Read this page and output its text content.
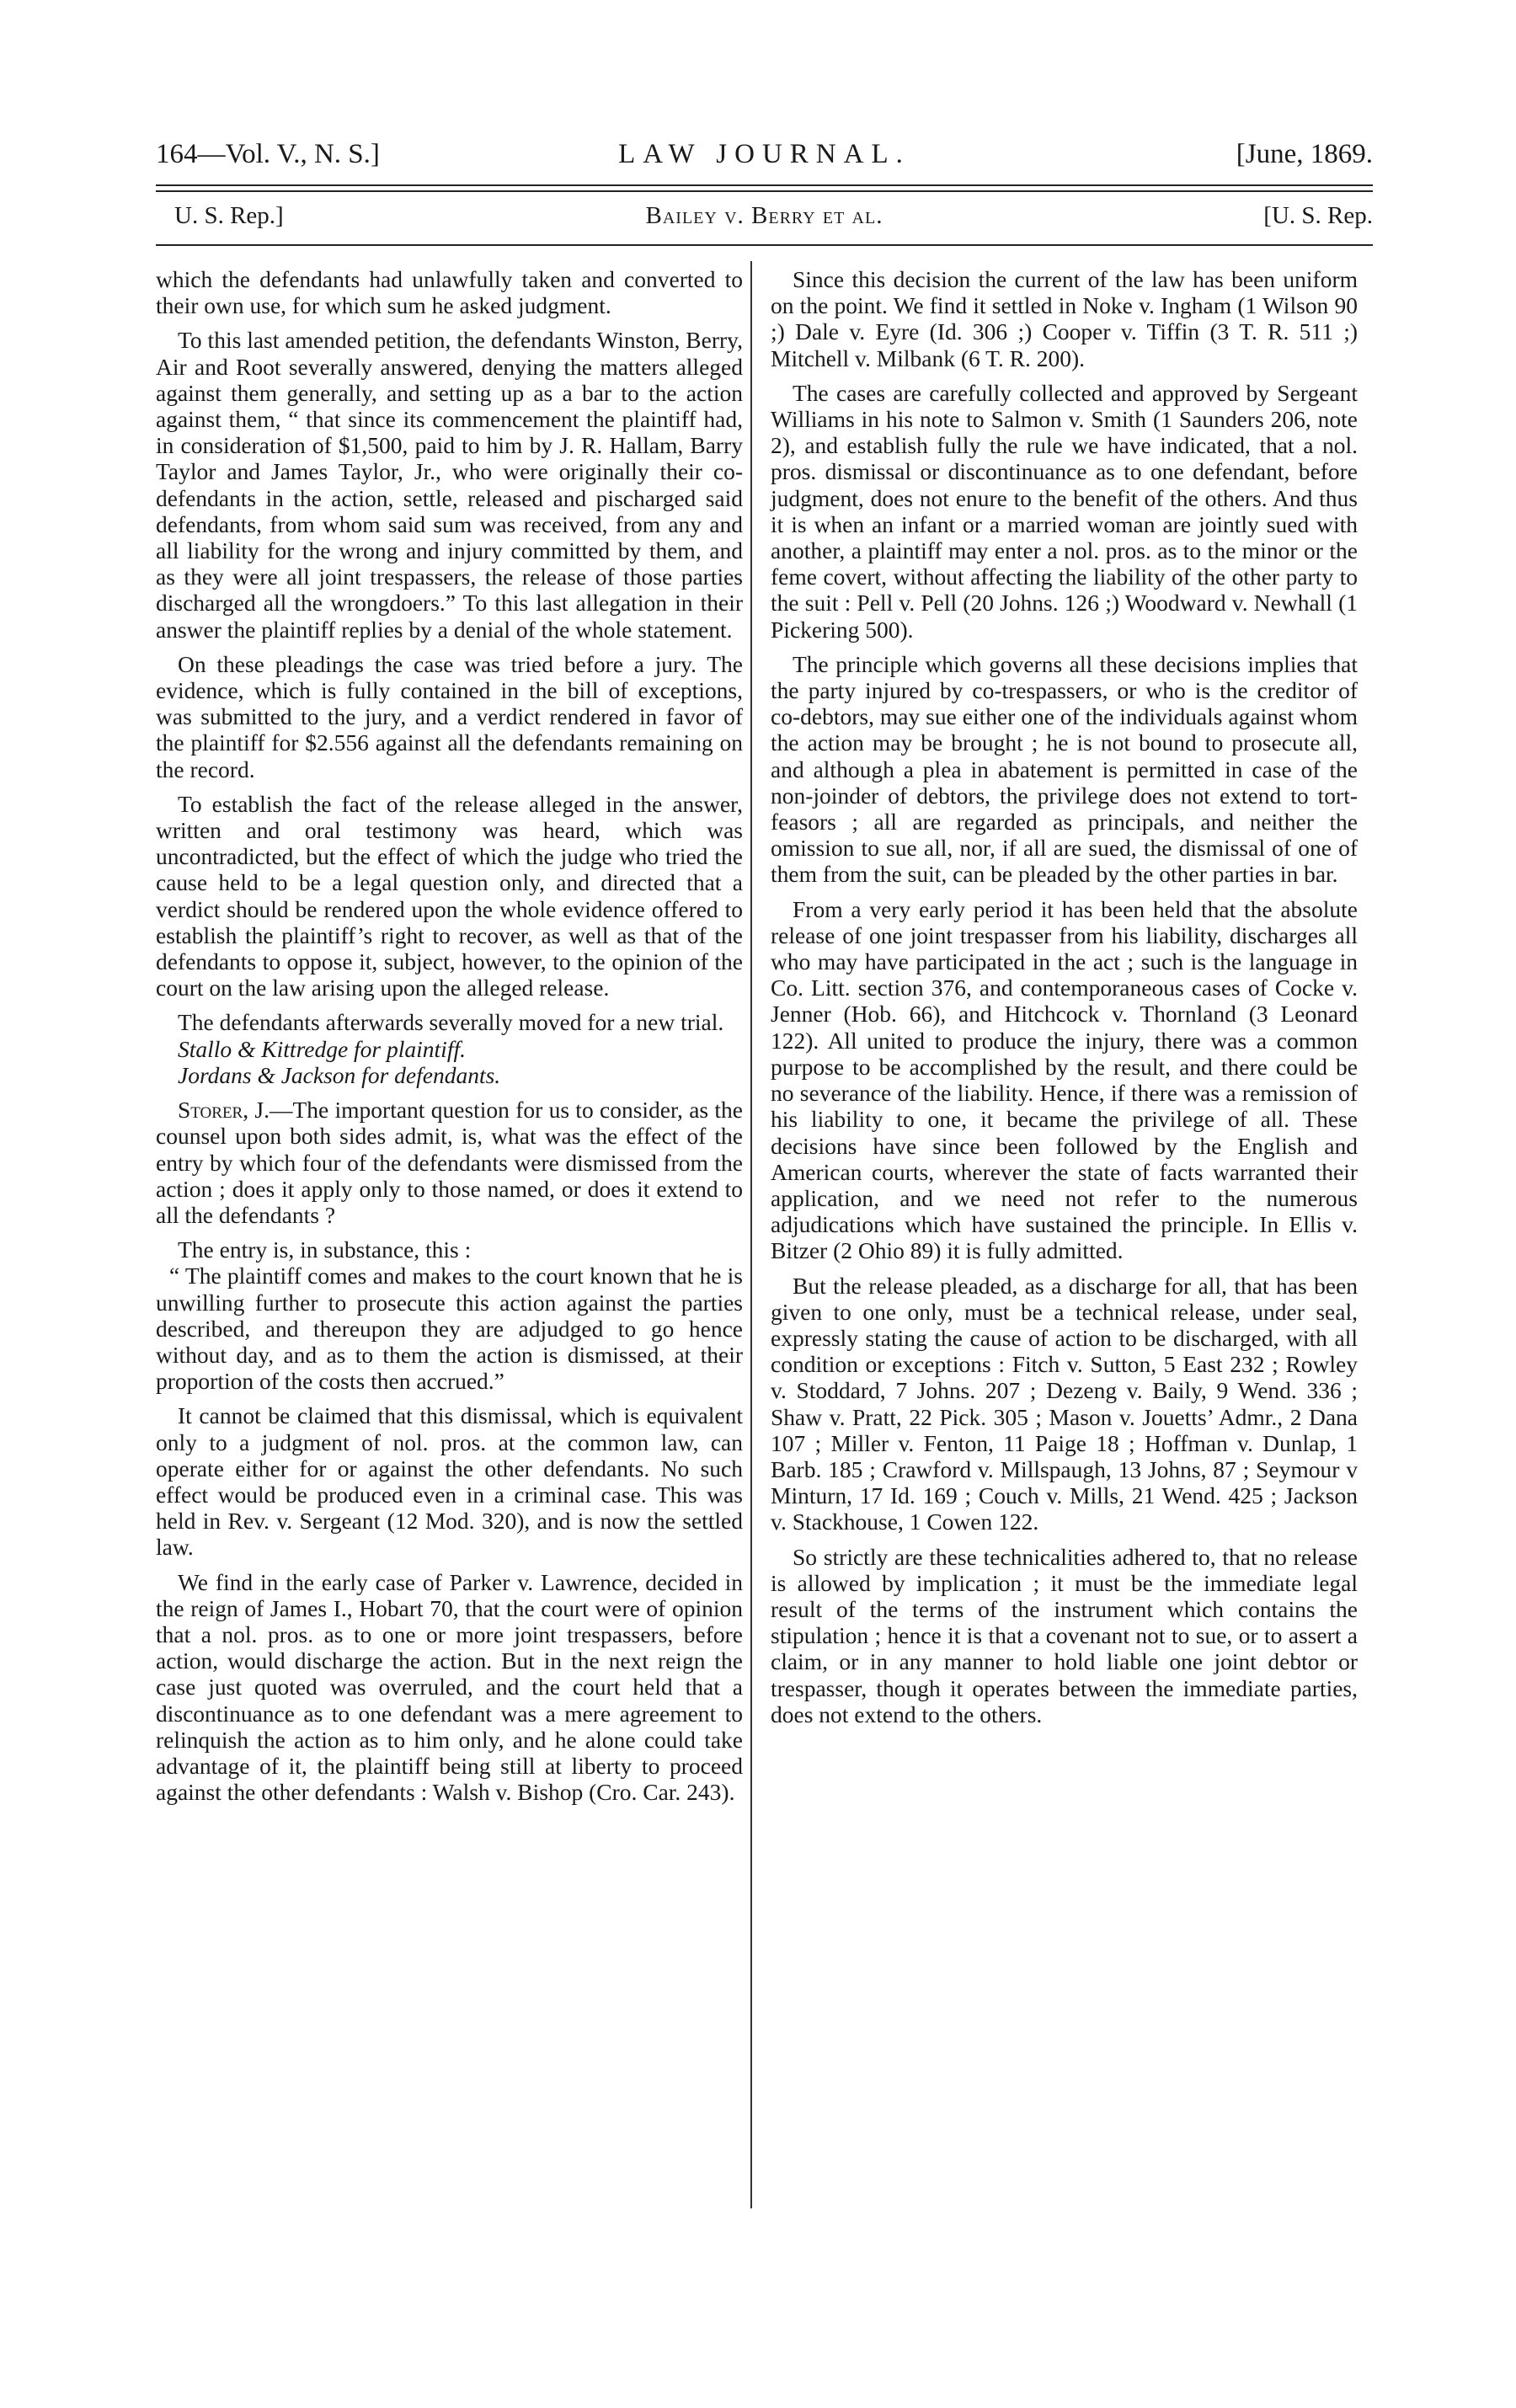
164—Vol. V., N. S.]	LAW JOURNAL.	[June, 1869.
U. S. Rep.]	Bailey v. Berry et al.	[U. S. Rep.

which the defendants had unlawfully taken and converted to their own use, for which sum he asked judgment.

To this last amended petition, the defendants Winston, Berry, Air and Root severally answered, denying the matters alleged against them generally, and setting up as a bar to the action against them, “ that since its commencement the plaintiff had, in consideration of $1,500, paid to him by J. R. Hallam, Barry Taylor and James Taylor, Jr., who were originally their co-defendants in the action, settle, released and pischarged said defendants, from whom said sum was received, from any and all liability for the wrong and injury committed by them, and as they were all joint trespassers, the release of those parties discharged all the wrongdoers.” To this last allegation in their answer the plaintiff replies by a denial of the whole statement.

On these pleadings the case was tried before a jury. The evidence, which is fully contained in the bill of exceptions, was submitted to the jury, and a verdict rendered in favor of the plaintiff for $2.556 against all the defendants remaining on the record.

To establish the fact of the release alleged in the answer, written and oral testimony was heard, which was uncontradicted, but the effect of which the judge who tried the cause held to be a legal question only, and directed that a verdict should be rendered upon the whole evidence offered to establish the plaintiff’s right to recover, as well as that of the defendants to oppose it, subject, however, to the opinion of the court on the law arising upon the alleged release.

The defendants afterwards severally moved for a new trial.

Stallo & Kittredge for plaintiff.

Jordans & Jackson for defendants.

Storer, J.—The important question for us to consider, as the counsel upon both sides admit, is, what was the effect of the entry by which four of the defendants were dismissed from the action ; does it apply only to those named, or does it extend to all the defendants ?

The entry is, in substance, this :

“ The plaintiff comes and makes to the court known that he is unwilling further to prosecute this action against the parties described, and thereupon they are adjudged to go hence without day, and as to them the action is dismissed, at their proportion of the costs then accrued.”

It cannot be claimed that this dismissal, which is equivalent only to a judgment of nol. pros. at the common law, can operate either for or against the other defendants. No such effect would be produced even in a criminal case. This was held in Rev. v. Sergeant (12 Mod. 320), and is now the settled law.

We find in the early case of Parker v. Lawrence, decided in the reign of James I., Hobart 70, that the court were of opinion that a nol. pros. as to one or more joint trespassers, before action, would discharge the action. But in the next reign the case just quoted was overruled, and the court held that a discontinuance as to one defendant was a mere agreement to relinquish the action as to him only, and he alone could take advantage of it, the plaintiff being still at liberty to proceed against the other defendants : Walsh v. Bishop (Cro. Car. 243).

Since this decision the current of the law has been uniform on the point. We find it settled in Noke v. Ingham (1 Wilson 90 ;) Dale v. Eyre (Id. 306 ;) Cooper v. Tiffin (3 T. R. 511 ;) Mitchell v. Milbank (6 T. R. 200).

The cases are carefully collected and approved by Sergeant Williams in his note to Salmon v. Smith (1 Saunders 206, note 2), and establish fully the rule we have indicated, that a nol. pros. dismissal or discontinuance as to one defendant, before judgment, does not enure to the benefit of the others. And thus it is when an infant or a married woman are jointly sued with another, a plaintiff may enter a nol. pros. as to the minor or the feme covert, without affecting the liability of the other party to the suit : Pell v. Pell (20 Johns. 126 ;) Woodward v. Newhall (1 Pickering 500).

The principle which governs all these decisions implies that the party injured by co-trespassers, or who is the creditor of co-debtors, may sue either one of the individuals against whom the action may be brought ; he is not bound to prosecute all, and although a plea in abatement is permitted in case of the non-joinder of debtors, the privilege does not extend to tort-feasors ; all are regarded as principals, and neither the omission to sue all, nor, if all are sued, the dismissal of one of them from the suit, can be pleaded by the other parties in bar.

From a very early period it has been held that the absolute release of one joint trespasser from his liability, discharges all who may have participated in the act ; such is the language in Co. Litt. section 376, and contemporaneous cases of Cocke v. Jenner (Hob. 66), and Hitchcock v. Thornland (3 Leonard 122). All united to produce the injury, there was a common purpose to be accomplished by the result, and there could be no severance of the liability. Hence, if there was a remission of his liability to one, it became the privilege of all. These decisions have since been followed by the English and American courts, wherever the state of facts warranted their application, and we need not refer to the numerous adjudications which have sustained the principle. In Ellis v. Bitzer (2 Ohio 89) it is fully admitted.

But the release pleaded, as a discharge for all, that has been given to one only, must be a technical release, under seal, expressly stating the cause of action to be discharged, with all condition or exceptions : Fitch v. Sutton, 5 East 232 ; Rowley v. Stoddard, 7 Johns. 207 ; Dezeng v. Baily, 9 Wend. 336 ; Shaw v. Pratt, 22 Pick. 305 ; Mason v. Jouetts’ Admr., 2 Dana 107 ; Miller v. Fenton, 11 Paige 18 ; Hoffman v. Dunlap, 1 Barb. 185 ; Crawford v. Millspaugh, 13 Johns, 87 ; Seymour v Minturn, 17 Id. 169 ; Couch v. Mills, 21 Wend. 425 ; Jackson v. Stackhouse, 1 Cowen 122.

So strictly are these technicalities adhered to, that no release is allowed by implication ; it must be the immediate legal result of the terms of the instrument which contains the stipulation ; hence it is that a covenant not to sue, or to assert a claim, or in any manner to hold liable one joint debtor or trespasser, though it operates between the immediate parties, does not extend to the others.
